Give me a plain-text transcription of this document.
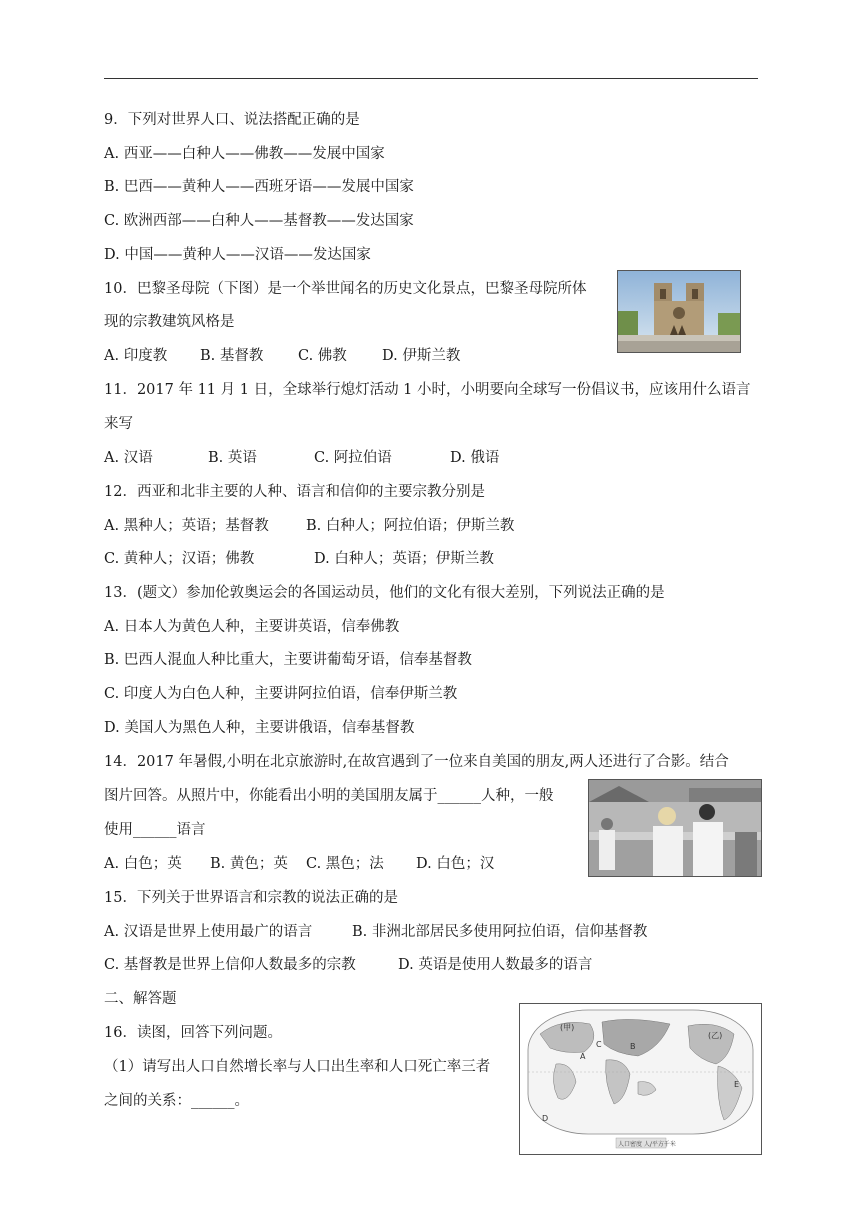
9．下列对世界人口、说法搭配正确的是
A. 西亚——白种人——佛教——发展中国家
B. 巴西——黄种人——西班牙语——发展中国家
C. 欧洲西部——白种人——基督教——发达国家
D. 中国——黄种人——汉语——发达国家
10．巴黎圣母院（下图）是一个举世闻名的历史文化景点，巴黎圣母院所体
现的宗教建筑风格是
A. 印度教 B. 基督教 C. 佛教 D. 伊斯兰教
11．2017 年 11 月 1 日，全球举行熄灯活动 1 小时，小明要向全球写一份倡议书，应该用什么语言
来写
A. 汉语	B. 英语	C. 阿拉伯语	D. 俄语
12．西亚和北非主要的人种、语言和信仰的主要宗教分别是
A. 黑种人；英语；基督教	B. 白种人；阿拉伯语；伊斯兰教
C. 黄种人；汉语；佛教	D. 白种人；英语；伊斯兰教
13．(题文）参加伦敦奥运会的各国运动员，他们的文化有很大差别，下列说法正确的是
A. 日本人为黄色人种，主要讲英语，信奉佛教
B. 巴西人混血人种比重大，主要讲葡萄牙语，信奉基督教
C. 印度人为白色人种，主要讲阿拉伯语，信奉伊斯兰教
D. 美国人为黑色人种，主要讲俄语，信奉基督教
14．2017 年暑假,小明在北京旅游时,在故宫遇到了一位来自美国的朋友,两人还进行了合影。结合
图片回答。从照片中，你能看出小明的美国朋友属于______人种，一般
使用______语言
A. 白色；英 B. 黄色；英 C. 黑色；法 D. 白色；汉
15．下列关于世界语言和宗教的说法正确的是
A. 汉语是世界上使用最广的语言	B. 非洲北部居民多使用阿拉伯语，信仰基督教
C. 基督教是世界上信仰人数最多的宗教	D. 英语是使用人数最多的语言
二、解答题
16．读图，回答下列问题。
（1）请写出人口自然增长率与人口出生率和人口死亡率三者
之间的关系：______。
(甲)
A
C	B
(乙)
D
E
人口密度 人/平方千米
